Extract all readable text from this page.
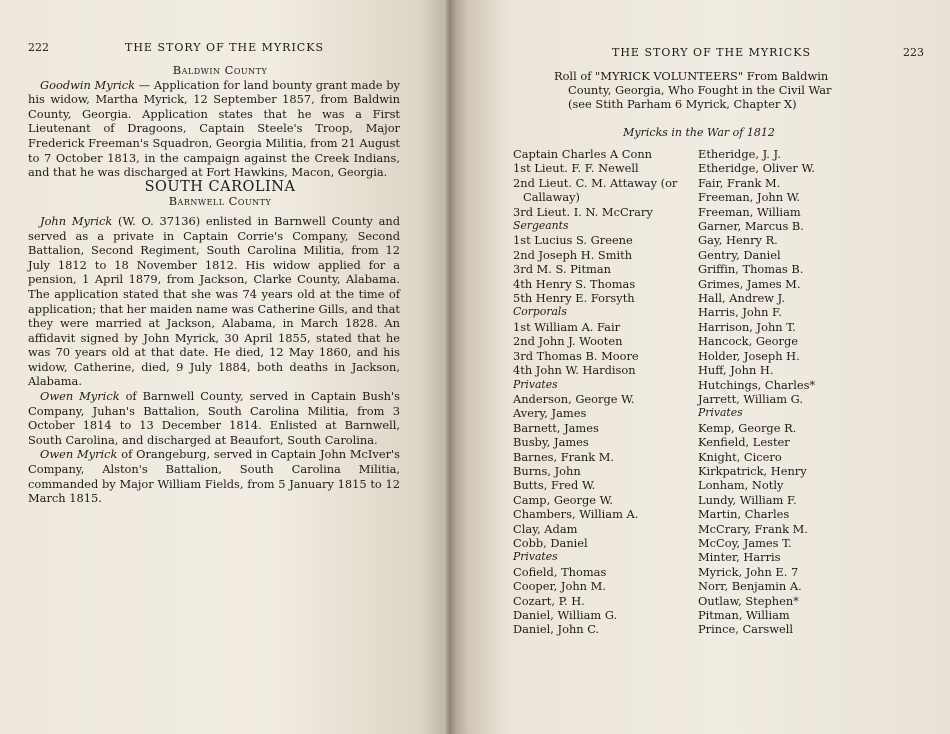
222	THE STORY OF THE MYRICKS

Baldwin County

Goodwin Myrick — Application for land bounty grant made by his widow, Martha Myrick, 12 September 1857, from Baldwin County, Georgia. Application states that he was a First Lieutenant of Dragoons, Captain Steele's Troop, Major Frederick Freeman's Squadron, Georgia Militia, from 21 August to 7 October 1813, in the campaign against the Creek Indians, and that he was discharged at Fort Hawkins, Macon, Georgia.

SOUTH CAROLINA

Barnwell County

John Myrick (W. O. 37136) enlisted in Barnwell County and served as a private in Captain Corrie's Company, Second Battalion, Second Regiment, South Carolina Militia, from 12 July 1812 to 18 November 1812. His widow applied for a pension, 1 April 1879, from Jackson, Clarke County, Alabama. The application stated that she was 74 years old at the time of application; that her maiden name was Catherine Gills, and that they were married at Jackson, Alabama, in March 1828. An affidavit signed by John Myrick, 30 April 1855, stated that he was 70 years old at that date. He died, 12 May 1860, and his widow, Catherine, died, 9 July 1884, both deaths in Jackson, Alabama.

Owen Myrick of Barnwell County, served in Captain Bush's Company, Juhan's Battalion, South Carolina Militia, from 3 October 1814 to 13 December 1814. Enlisted at Barnwell, South Carolina, and discharged at Beaufort, South Carolina.

Owen Myrick of Orangeburg, served in Captain John McIver's Company, Alston's Battalion, South Carolina Militia, commanded by Major William Fields, from 5 January 1815 to 12 March 1815.

THE STORY OF THE MYRICKS	223

Roll of "MYRICK VOLUNTEERS" From Baldwin County, Georgia, Who Fought in the Civil War (see Stith Parham 6 Myrick, Chapter X)

Myricks in the War of 1812
Captain Charles A Conn
1st Lieut. F. F. Newell
2nd Lieut. C. M. Attaway (or
Callaway)
3rd Lieut. I. N. McCrary
Sergeants
1st Lucius S. Greene
2nd Joseph H. Smith
3rd M. S. Pitman
4th Henry S. Thomas
5th Henry E. Forsyth
Corporals
1st William A. Fair
2nd John J. Wooten
3rd Thomas B. Moore
4th John W. Hardison
Privates
Anderson, George W.
Avery, James
Barnett, James
Busby, James
Barnes, Frank M.
Burns, John
Butts, Fred W.
Camp, George W.
Chambers, William A.
Clay, Adam
Cobb, Daniel
Privates
Cofield, Thomas
Cooper, John M.
Cozart, P. H.
Daniel, William G.
Daniel, John C.
Etheridge, J. J.
Etheridge, Oliver W.
Fair, Frank M.
Freeman, John W.
Freeman, William
Garner, Marcus B.
Gay, Henry R.
Gentry, Daniel
Griffin, Thomas B.
Grimes, James M.
Hall, Andrew J.
Harris, John F.
Harrison, John T.
Hancock, George
Holder, Joseph H.
Huff, John H.
Hutchings, Charles*
Jarrett, William G.
Privates
Kemp, George R.
Kenfield, Lester
Knight, Cicero
Kirkpatrick, Henry
Lonham, Notly
Lundy, William F.
Martin, Charles
McCrary, Frank M.
McCoy, James T.
Minter, Harris
Myrick, John E. 7
Norr, Benjamin A.
Outlaw, Stephen*
Pitman, William
Prince, Carswell
